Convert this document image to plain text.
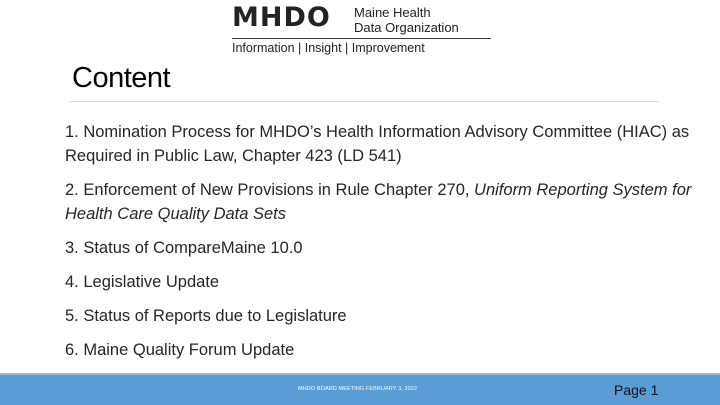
MHDO Maine Health
Data Organization
Information | Insight | Improvement
Content
1. Nomination Process for MHDO’s Health Information Advisory Committee (HIAC) as Required in Public Law, Chapter 423 (LD 541)
2. Enforcement of New Provisions in Rule Chapter 270, Uniform Reporting System for Health Care Quality Data Sets
3. Status of CompareMaine 10.0
4. Legislative Update
5. Status of Reports due to Legislature
6. Maine Quality Forum Update
MHDO BOARD MEETING FEBRUARY 3, 2022	Page 1
